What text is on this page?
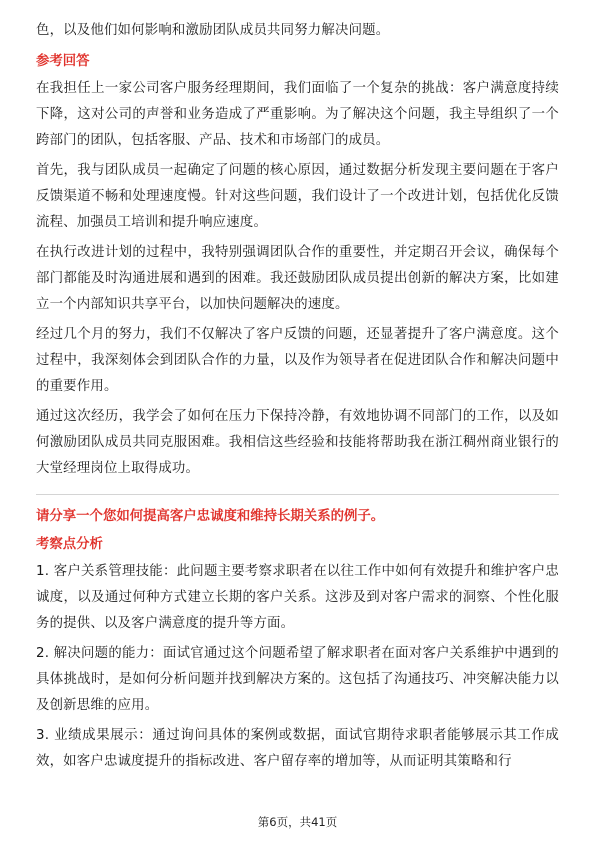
色，以及他们如何影响和激励团队成员共同努力解决问题。

参考回答

在我担任上一家公司客户服务经理期间，我们面临了一个复杂的挑战：客户满意度持续下降，这对公司的声誉和业务造成了严重影响。为了解决这个问题，我主导组织了一个跨部门的团队，包括客服、产品、技术和市场部门的成员。

首先，我与团队成员一起确定了问题的核心原因，通过数据分析发现主要问题在于客户反馈渠道不畅和处理速度慢。针对这些问题，我们设计了一个改进计划，包括优化反馈流程、加强员工培训和提升响应速度。

在执行改进计划的过程中，我特别强调团队合作的重要性，并定期召开会议，确保每个部门都能及时沟通进展和遇到的困难。我还鼓励团队成员提出创新的解决方案，比如建立一个内部知识共享平台，以加快问题解决的速度。

经过几个月的努力，我们不仅解决了客户反馈的问题，还显著提升了客户满意度。这个过程中，我深刻体会到团队合作的力量，以及作为领导者在促进团队合作和解决问题中的重要作用。

通过这次经历，我学会了如何在压力下保持冷静，有效地协调不同部门的工作，以及如何激励团队成员共同克服困难。我相信这些经验和技能将帮助我在浙江稠州商业银行的大堂经理岗位上取得成功。

请分享一个您如何提高客户忠诚度和维持长期关系的例子。
考察点分析

1. 客户关系管理技能：此问题主要考察求职者在以往工作中如何有效提升和维护客户忠诚度，以及通过何种方式建立长期的客户关系。这涉及到对客户需求的洞察、个性化服务的提供、以及客户满意度的提升等方面。

2. 解决问题的能力：面试官通过这个问题希望了解求职者在面对客户关系维护中遇到的具体挑战时，是如何分析问题并找到解决方案的。这包括了沟通技巧、冲突解决能力以及创新思维的应用。

3. 业绩成果展示：通过询问具体的案例或数据，面试官期待求职者能够展示其工作成效，如客户忠诚度提升的指标改进、客户留存率的增加等，从而证明其策略和行

第6页，共41页
